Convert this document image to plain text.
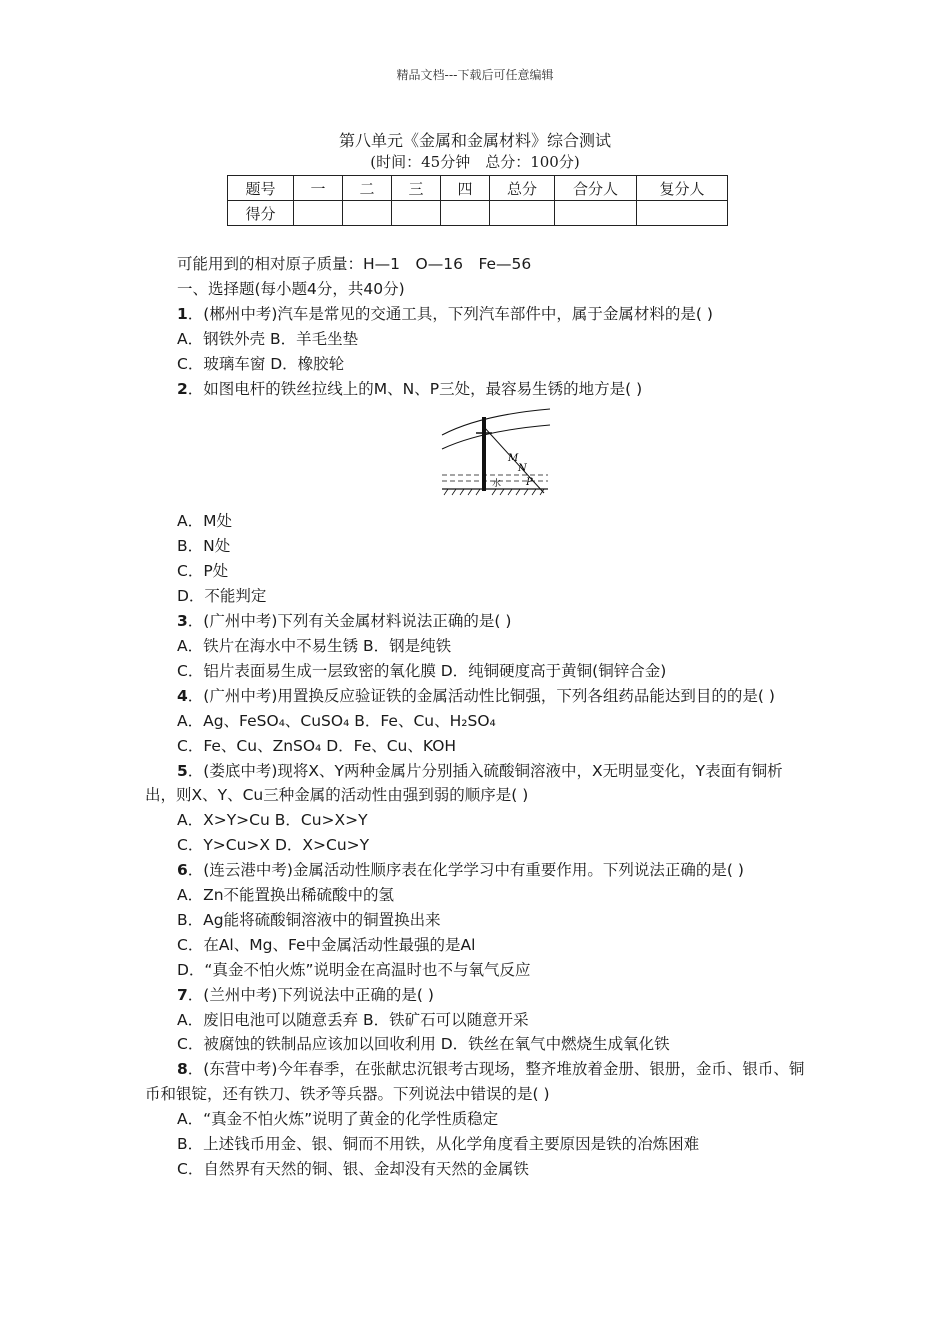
精品文档---下载后可任意编辑
第八单元《金属和金属材料》综合测试
(时间：45分钟　总分：100分)
题号	一	二	三	四	总分	合分人	复分人
得分							
可能用到的相对原子质量：H—1　O—16　Fe—56
一、选择题(每小题4分，共40分)
1．(郴州中考)汽车是常见的交通工具，下列汽车部件中，属于金属材料的是( )
A．钢铁外壳 B．羊毛坐垫
C．玻璃车窗 D．橡胶轮
2．如图电杆的铁丝拉线上的M、N、P三处，最容易生锈的地方是( )
M
N
P
水
A．M处
B．N处
C．P处
D．不能判定
3．(广州中考)下列有关金属材料说法正确的是( )
A．铁片在海水中不易生锈 B．钢是纯铁
C．铝片表面易生成一层致密的氧化膜 D．纯铜硬度高于黄铜(铜锌合金)
4．(广州中考)用置换反应验证铁的金属活动性比铜强，下列各组药品能达到目的的是( )
A．Ag、FeSO₄、CuSO₄ B．Fe、Cu、H₂SO₄
C．Fe、Cu、ZnSO₄ D．Fe、Cu、KOH
5．(娄底中考)现将X、Y两种金属片分别插入硫酸铜溶液中，X无明显变化，Y表面有铜析出，则X、Y、Cu三种金属的活动性由强到弱的顺序是( )
A．X>Y>Cu B．Cu>X>Y
C．Y>Cu>X D．X>Cu>Y
6．(连云港中考)金属活动性顺序表在化学学习中有重要作用。下列说法正确的是( )
A．Zn不能置换出稀硫酸中的氢
B．Ag能将硫酸铜溶液中的铜置换出来
C．在Al、Mg、Fe中金属活动性最强的是Al
D．“真金不怕火炼”说明金在高温时也不与氧气反应
7．(兰州中考)下列说法中正确的是( )
A．废旧电池可以随意丢弃 B．铁矿石可以随意开采
C．被腐蚀的铁制品应该加以回收利用 D．铁丝在氧气中燃烧生成氧化铁
8．(东营中考)今年春季，在张献忠沉银考古现场，整齐堆放着金册、银册，金币、银币、铜币和银锭，还有铁刀、铁矛等兵器。下列说法中错误的是( )
A．“真金不怕火炼”说明了黄金的化学性质稳定
B．上述钱币用金、银、铜而不用铁，从化学角度看主要原因是铁的冶炼困难
C．自然界有天然的铜、银、金却没有天然的金属铁
